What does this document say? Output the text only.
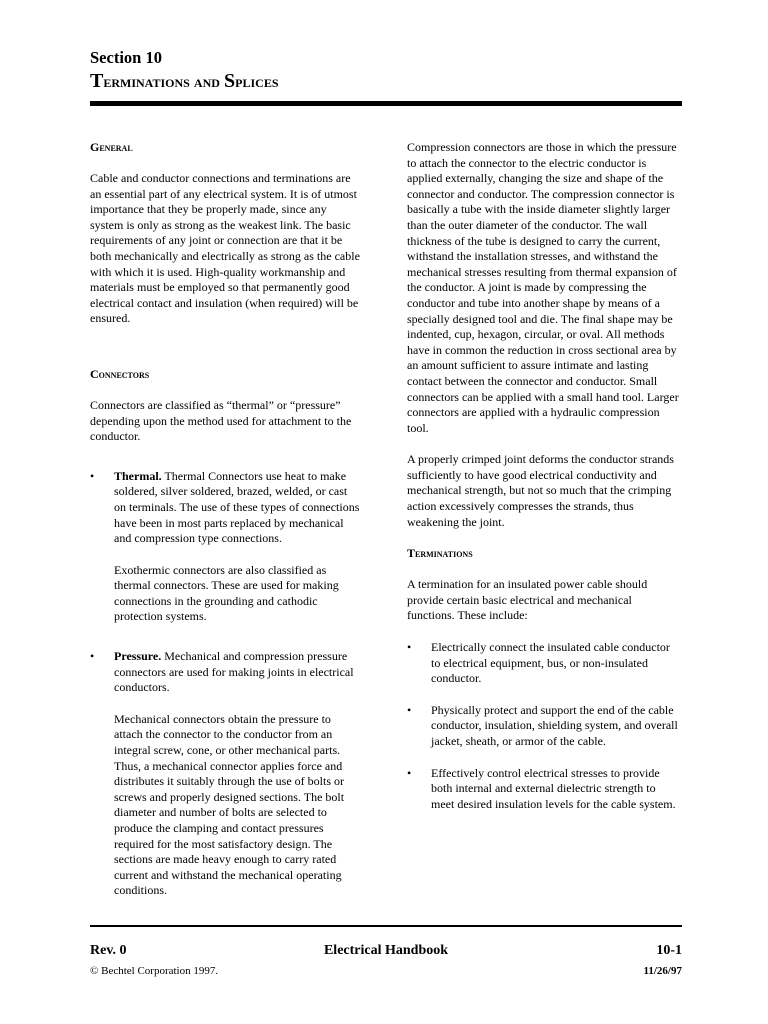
Section 10
Terminations and Splices
General

Cable and conductor connections and terminations are an essential part of any electrical system. It is of utmost importance that they be properly made, since any system is only as strong as the weakest link. The basic requirements of any joint or connection are that it be both mechanically and electrically as strong as the cable with which it is used. High-quality workmanship and materials must be employed so that permanently good electrical contact and insulation (when required) will be ensured.

Connectors

Connectors are classified as “thermal” or “pressure” depending upon the method used for attachment to the conductor.

• Thermal. Thermal Connectors use heat to make soldered, silver soldered, brazed, welded, or cast on terminals. The use of these types of connections have been in most parts replaced by mechanical and compression type connections.

Exothermic connectors are also classified as thermal connectors. These are used for making connections in the grounding and cathodic protection systems.

• Pressure. Mechanical and compression pressure connectors are used for making joints in electrical conductors.

Mechanical connectors obtain the pressure to attach the connector to the conductor from an integral screw, cone, or other mechanical parts. Thus, a mechanical connector applies force and distributes it suitably through the use of bolts or screws and properly designed sections. The bolt diameter and number of bolts are selected to produce the clamping and contact pressures required for the most satisfactory design. The sections are made heavy enough to carry rated current and withstand the mechanical operating conditions.

Compression connectors are those in which the pressure to attach the connector to the electric conductor is applied externally, changing the size and shape of the connector and conductor. The compression connector is basically a tube with the inside diameter slightly larger than the outer diameter of the conductor. The wall thickness of the tube is designed to carry the current, withstand the installation stresses, and withstand the mechanical stresses resulting from thermal expansion of the conductor. A joint is made by compressing the conductor and tube into another shape by means of a specially designed tool and die. The final shape may be indented, cup, hexagon, circular, or oval. All methods have in common the reduction in cross sectional area by an amount sufficient to assure intimate and lasting contact between the connector and conductor. Small connectors can be applied with a small hand tool. Larger connectors are applied with a hydraulic compression tool.

A properly crimped joint deforms the conductor strands sufficiently to have good electrical conductivity and mechanical strength, but not so much that the crimping action excessively compresses the strands, thus weakening the joint.

Terminations

A termination for an insulated power cable should provide certain basic electrical and mechanical functions. These include:

• Electrically connect the insulated cable conductor to electrical equipment, bus, or non-insulated conductor.

• Physically protect and support the end of the cable conductor, insulation, shielding system, and overall jacket, sheath, or armor of the cable.

• Effectively control electrical stresses to provide both internal and external dielectric strength to meet desired insulation levels for the cable system.

Electrical Handbook
Rev. 0	10-1
© Bechtel Corporation 1997.	11/26/97
